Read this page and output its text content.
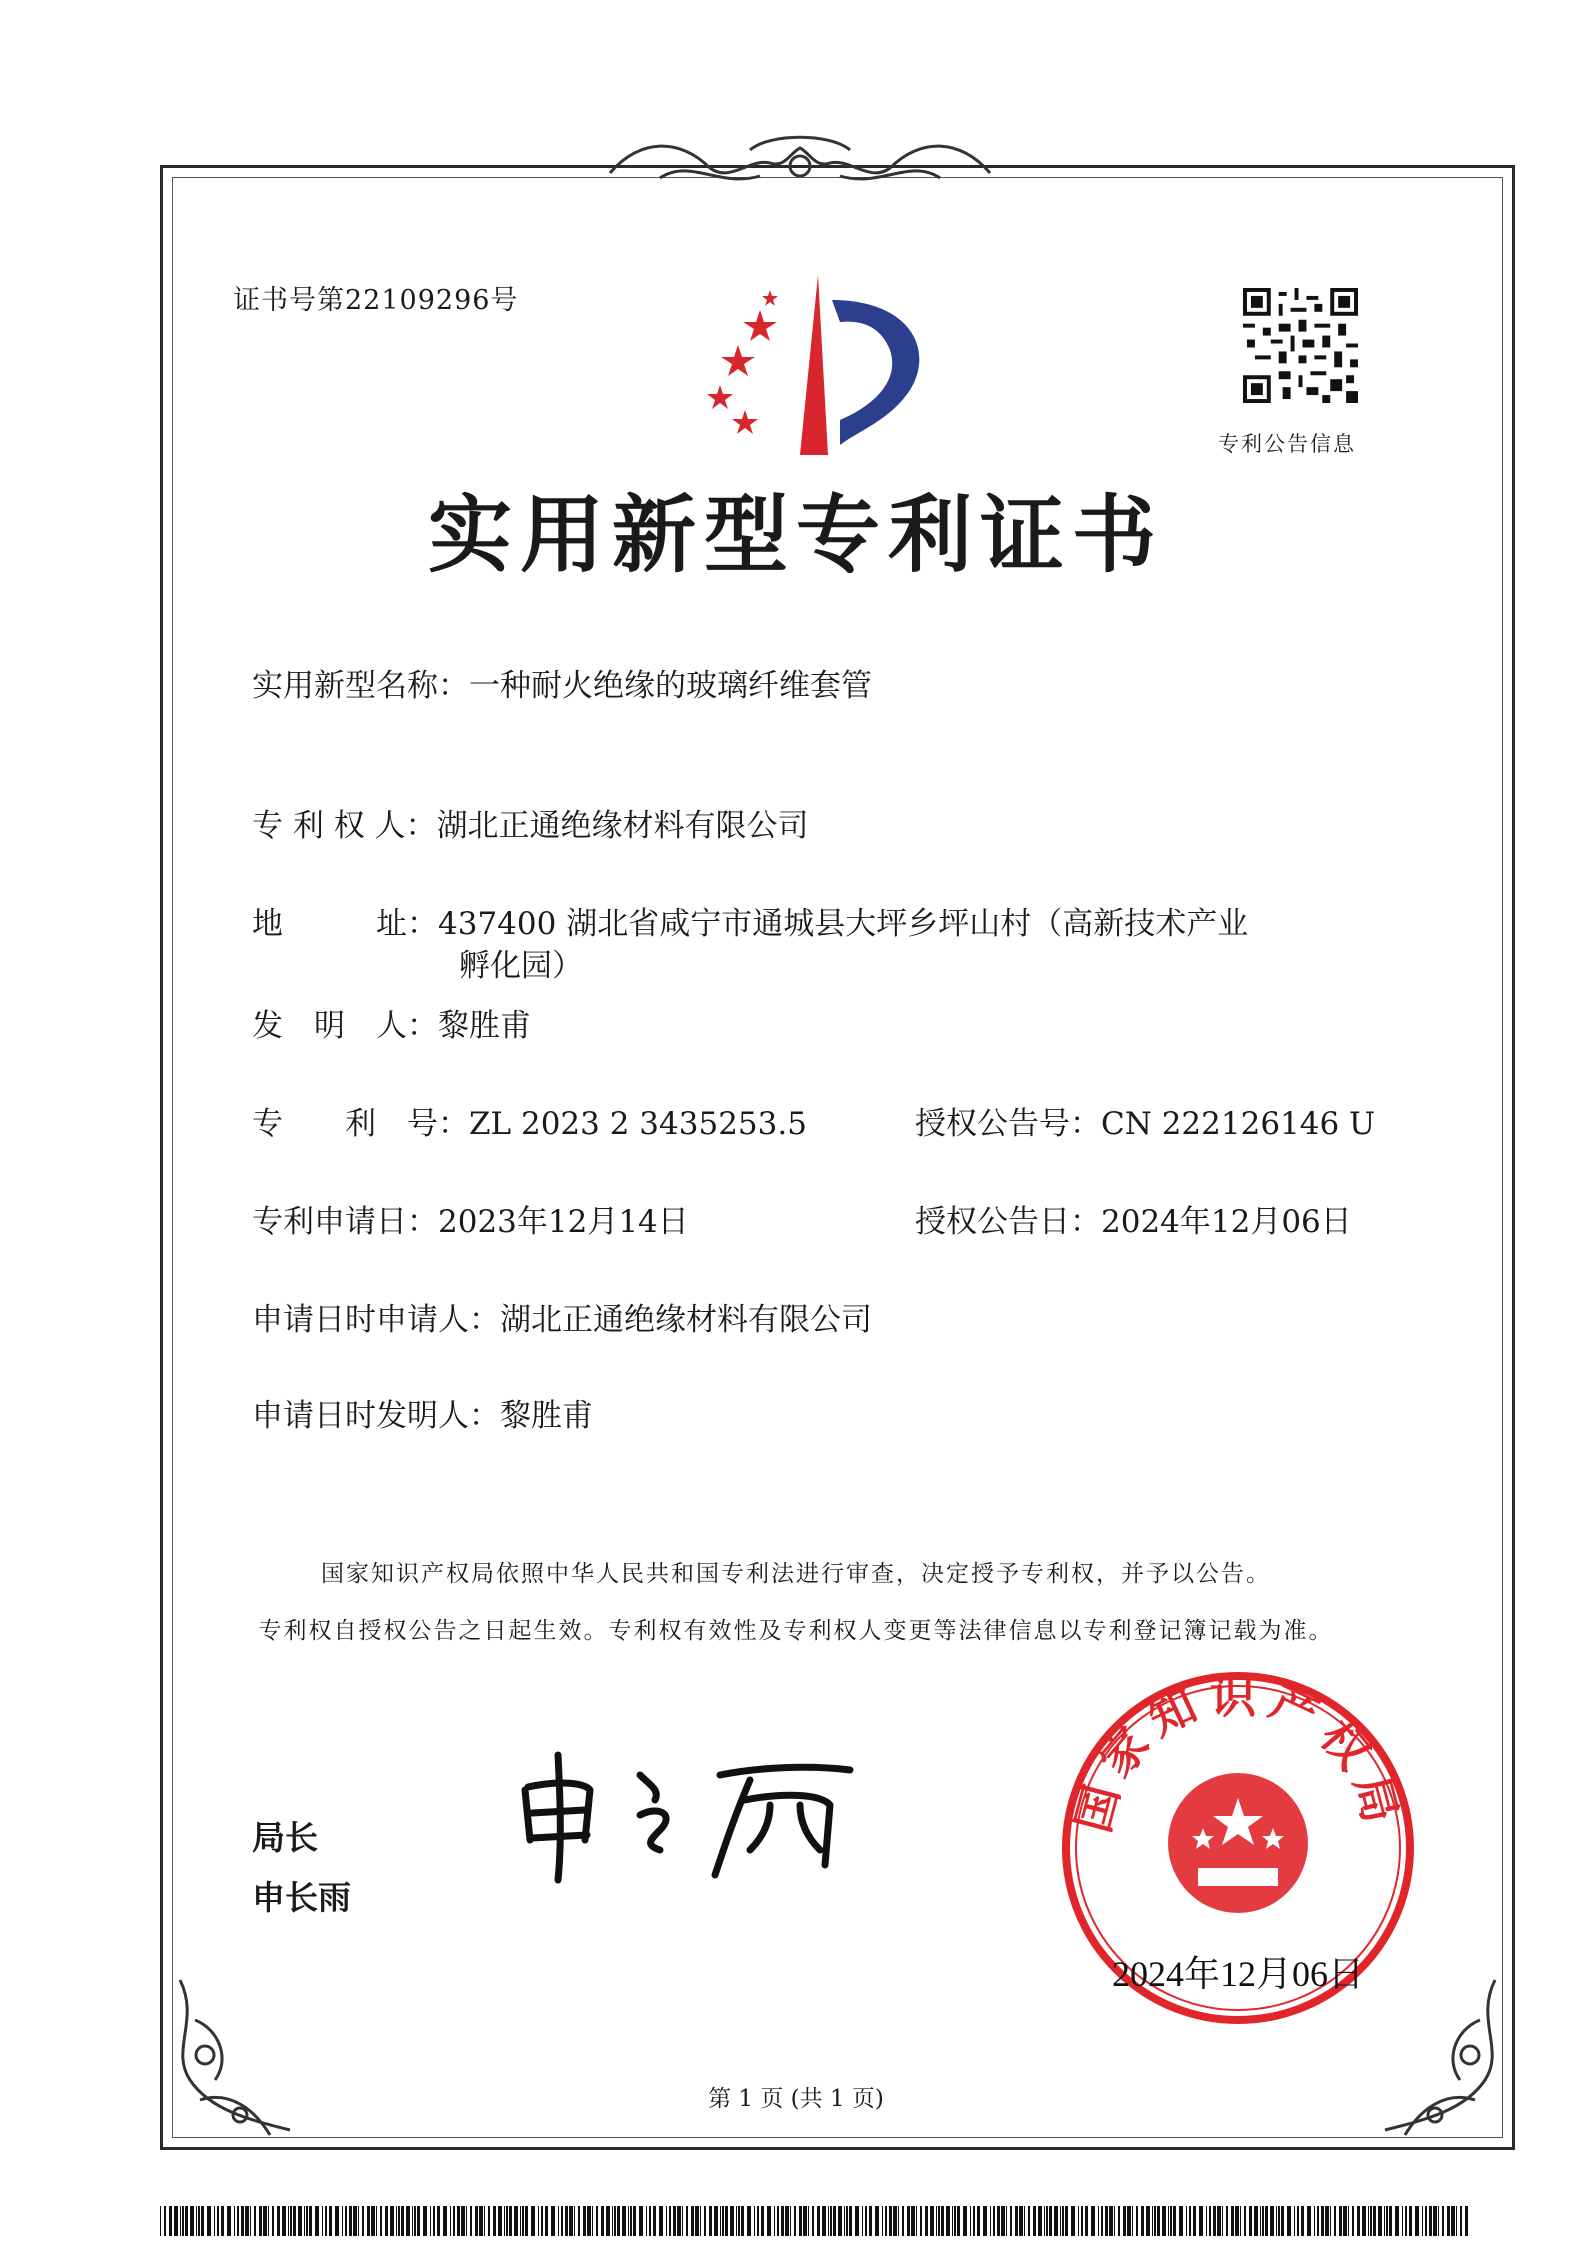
证书号第22109296号
专利公告信息
实用新型专利证书
实用新型名称：一种耐火绝缘的玻璃纤维套管
专 利 权 人：湖北正通绝缘材料有限公司
地　　　址：437400 湖北省咸宁市通城县大坪乡坪山村（高新技术产业
孵化园）
发　明　人：黎胜甫
专　　利　号：ZL 2023 2 3435253.5	授权公告号：CN 222126146 U
专利申请日：2023年12月14日	授权公告日：2024年12月06日
申请日时申请人：湖北正通绝缘材料有限公司
申请日时发明人：黎胜甫
国家知识产权局依照中华人民共和国专利法进行审查，决定授予专利权，并予以公告。
专利权自授权公告之日起生效。专利权有效性及专利权人变更等法律信息以专利登记簿记载为准。
局长
申长雨
国家知识产权局
2024年12月06日
第 1 页 (共 1 页)
